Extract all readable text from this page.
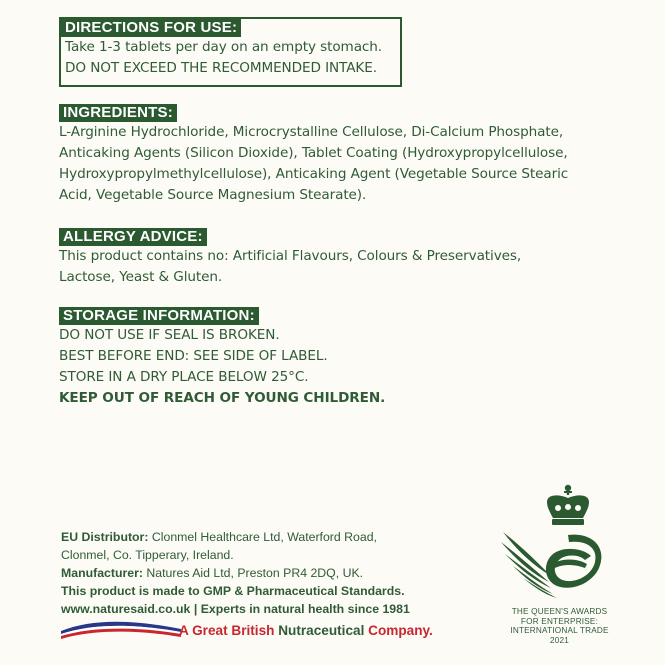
DIRECTIONS FOR USE:
Take 1-3 tablets per day on an empty stomach.
DO NOT EXCEED THE RECOMMENDED INTAKE.
INGREDIENTS:
L-Arginine Hydrochloride, Microcrystalline Cellulose, Di-Calcium Phosphate,
Anticaking Agents (Silicon Dioxide), Tablet Coating (Hydroxypropylcellulose,
Hydroxypropylmethylcellulose), Anticaking Agent (Vegetable Source Stearic
Acid, Vegetable Source Magnesium Stearate).
ALLERGY ADVICE:
This product contains no: Artificial Flavours, Colours & Preservatives,
Lactose, Yeast & Gluten.
STORAGE INFORMATION:
DO NOT USE IF SEAL IS BROKEN.
BEST BEFORE END: SEE SIDE OF LABEL.
STORE IN A DRY PLACE BELOW 25°C.
KEEP OUT OF REACH OF YOUNG CHILDREN.
EU Distributor: Clonmel Healthcare Ltd, Waterford Road,
Clonmel, Co. Tipperary, Ireland.
Manufacturer: Natures Aid Ltd, Preston PR4 2DQ, UK.
This product is made to GMP & Pharmaceutical Standards.
www.naturesaid.co.uk | Experts in natural health since 1981
A Great British Nutraceutical Company.
THE QUEEN'S AWARDS
FOR ENTERPRISE:
INTERNATIONAL TRADE
2021
